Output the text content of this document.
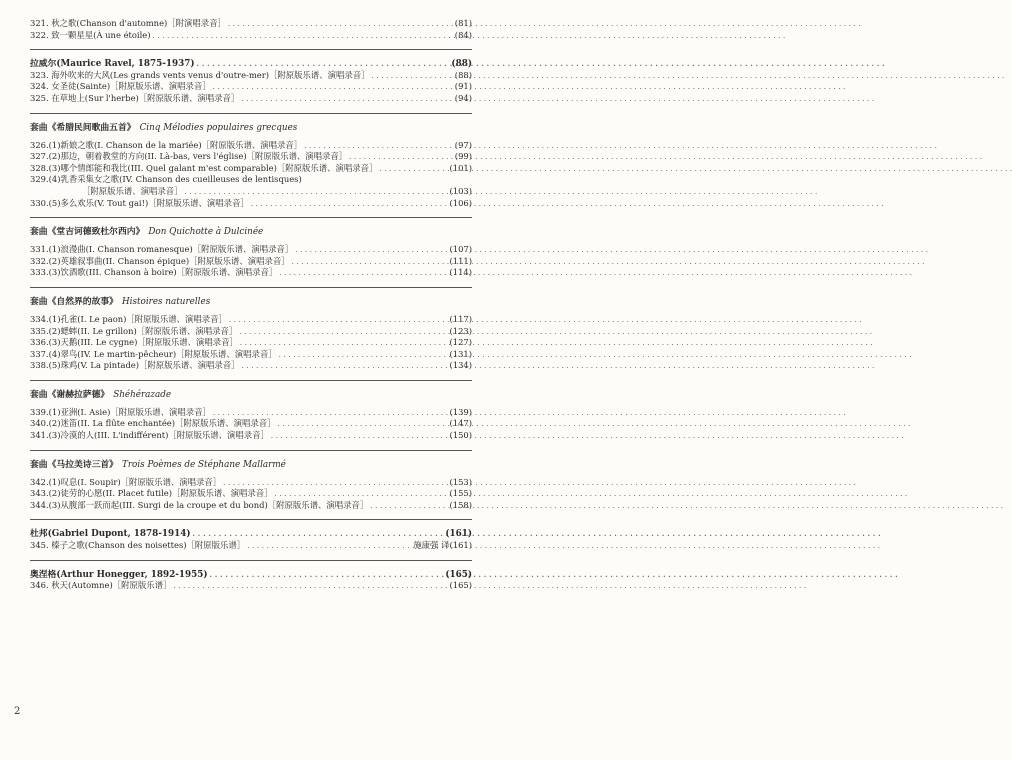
321. 秋之歌(Chanson d'automne)［附演唱录音］ . . .	(81)
322. 致一颗星星(À une étoile) . . .	(84)
拉威尔(Maurice Ravel, 1875-1937) . . .	(88)
323. 海外吹来的大风(Les grands vents venus d'outre-mer)［附原版乐谱、演唱录音］ . . .	(88)
324. 女圣徒(Sainte)［附原版乐谱、演唱录音］ . . .	(91)
325. 在草地上(Sur l'herbe)［附原版乐谱、演唱录音］ . . .	(94)
套曲《希腊民间歌曲五首》 Cinq Mélodies populaires grecques
326.(1)新娘之歌(I. Chanson de la mariée)［附原版乐谱、演唱录音］ . . .	(97)
327.(2)那边，朝着教堂的方向(II. Là-bas, vers l'église)［附原版乐谱、演唱录音］ . . .	(99)
328.(3)哪个情郎能和我比(III. Quel galant m'est comparable)［附原版乐谱、演唱录音］ . . .	(101)
329.(4)乳香采集女之歌(IV. Chanson des cueilleuses de lentisques)
［附原版乐谱、演唱录音］ . . .	(103)
330.(5)多么欢乐(V. Tout gai!)［附原版乐谱、演唱录音］ . . .	(106)
套曲《堂吉诃德致杜尔西内》 Don Quichotte à Dulcinée
331.(1)浪漫曲(I. Chanson romanesque)［附原版乐谱、演唱录音］ . . .	(107)
332.(2)英雄叙事曲(II. Chanson épique)［附原版乐谱、演唱录音］ . . .	(111)
333.(3)饮酒歌(III. Chanson à boire)［附原版乐谱、演唱录音］ . . .	(114)
套曲《自然界的故事》 Histoires naturelles
334.(1)孔雀(I. Le paon)［附原版乐谱、演唱录音］ . . .	(117)
335.(2)蟋蟀(II. Le grillon)［附原版乐谱、演唱录音］ . . .	(123)
336.(3)天鹅(III. Le cygne)［附原版乐谱、演唱录音］ . . .	(127)
337.(4)翠鸟(IV. Le martin-pêcheur)［附原版乐谱、演唱录音］ . . .	(131)
338.(5)珠鸡(V. La pintade)［附原版乐谱、演唱录音］ . . .	(134)
套曲《谢赫拉萨德》 Shéhérazade
339.(1)亚洲(I. Asie)［附原版乐谱、演唱录音］ . . .	(139)
340.(2)迷笛(II. La flûte enchantée)［附原版乐谱、演唱录音］ . . .	(147)
341.(3)冷漠的人(III. L'indifférent)［附原版乐谱、演唱录音］ . . .	(150)
套曲《马拉美诗三首》 Trois Poèmes de Stéphane Mallarmé
342.(1)叹息(I. Soupir)［附原版乐谱、演唱录音］ . . .	(153)
343.(2)徒劳的心愿(II. Placet futile)［附原版乐谱、演唱录音］ . . .	(155)
344.(3)从腹部一跃而起(III. Surgi de la croupe et du bond)［附原版乐谱、演唱录音］ . . .	(158)
杜邦(Gabriel Dupont, 1878-1914) . . .	(161)
345. 榛子之歌(Chanson des noisettes)［附原版乐谱］ . . .	施康强 译(161)
奥涅格(Arthur Honegger, 1892-1955) . . .	(165)
346. 秋天(Automne)［附原版乐谱］ . . .	(165)
2
